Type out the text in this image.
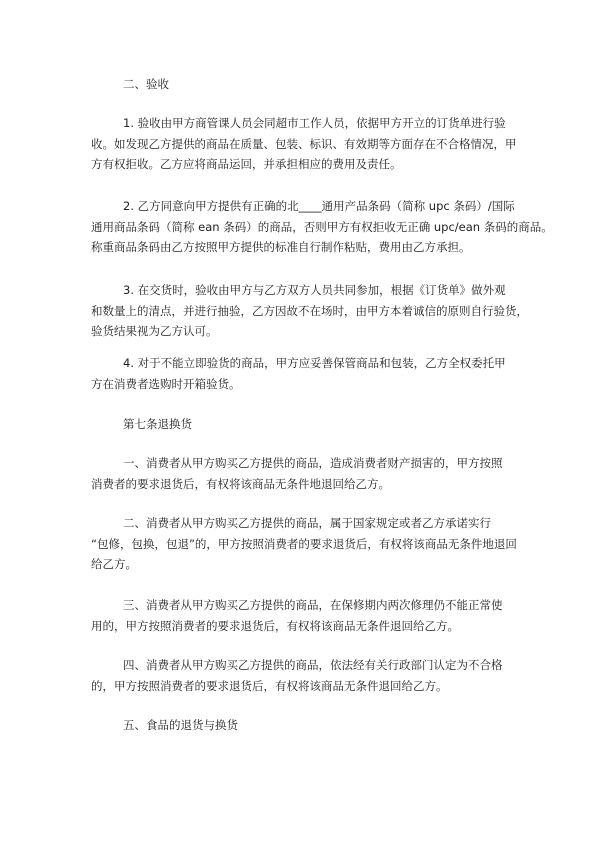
二、验收
1. 验收由甲方商管课人员会同超市工作人员，依据甲方开立的订货单进行验
收。如发现乙方提供的商品在质量、包装、标识、有效期等方面存在不合格情况，甲
方有权拒收。乙方应将商品运回，并承担相应的费用及责任。
2. 乙方同意向甲方提供有正确的北____通用产品条码（简称 upc 条码）/国际
通用商品条码（简称 ean 条码）的商品，否则甲方有权拒收无正确 upc/ean 条码的商品。
称重商品条码由乙方按照甲方提供的标准自行制作粘贴，费用由乙方承担。
3. 在交货时，验收由甲方与乙方双方人员共同参加，根据《订货单》做外观
和数量上的清点，并进行抽验，乙方因故不在场时，由甲方本着诚信的原则自行验货，
验货结果视为乙方认可。
4. 对于不能立即验货的商品，甲方应妥善保管商品和包装，乙方全权委托甲
方在消费者选购时开箱验货。
第七条退换货
一、消费者从甲方购买乙方提供的商品，造成消费者财产损害的，甲方按照
消费者的要求退货后，有权将该商品无条件地退回给乙方。
二、消费者从甲方购买乙方提供的商品，属于国家规定或者乙方承诺实行
“包修，包换，包退”的，甲方按照消费者的要求退货后，有权将该商品无条件地退回
给乙方。
三、消费者从甲方购买乙方提供的商品，在保修期内两次修理仍不能正常使
用的，甲方按照消费者的要求退货后，有权将该商品无条件退回给乙方。
四、消费者从甲方购买乙方提供的商品，依法经有关行政部门认定为不合格
的，甲方按照消费者的要求退货后，有权将该商品无条件退回给乙方。
五、食品的退货与换货
